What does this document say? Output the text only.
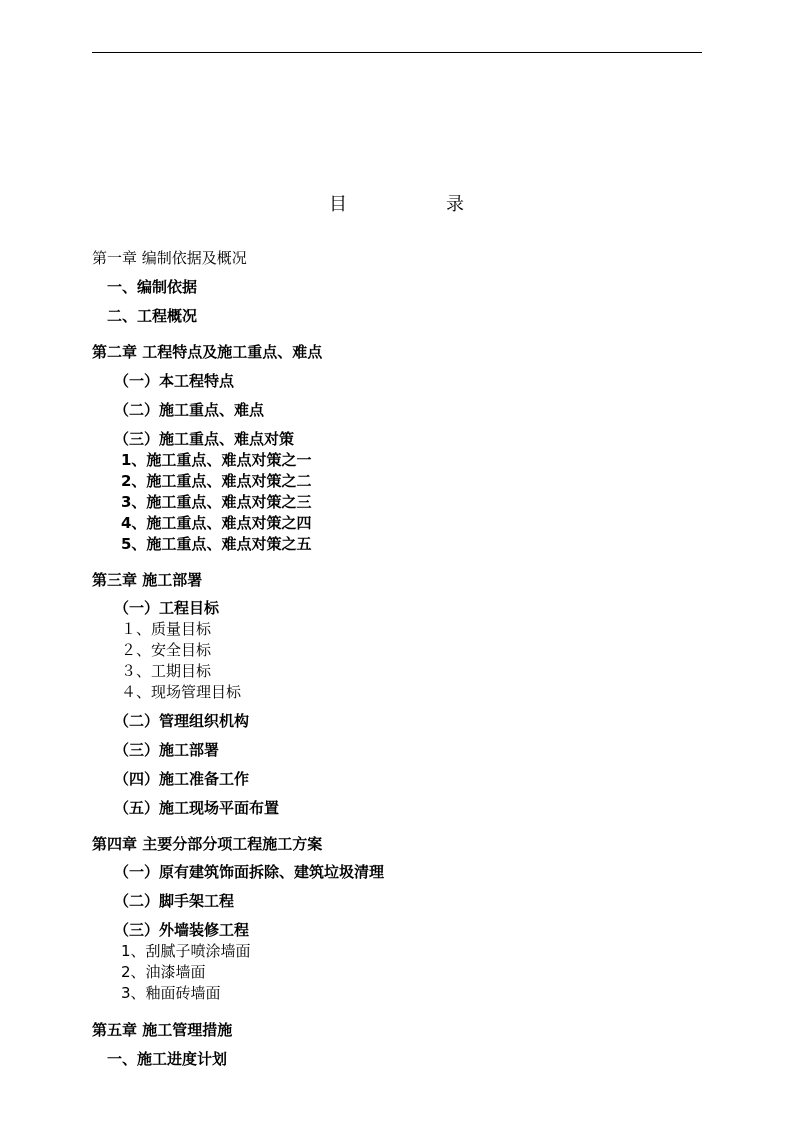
目	录
第一章 编制依据及概况
一、编制依据
二、工程概况
第二章 工程特点及施工重点、难点
（一）本工程特点
（二）施工重点、难点
（三）施工重点、难点对策
1、施工重点、难点对策之一
2、施工重点、难点对策之二
3、施工重点、难点对策之三
4、施工重点、难点对策之四
5、施工重点、难点对策之五
第三章 施工部署
（一）工程目标
１、质量目标
２、安全目标
３、工期目标
４、现场管理目标
（二）管理组织机构
（三）施工部署
（四）施工准备工作
（五）施工现场平面布置
第四章 主要分部分项工程施工方案
（一）原有建筑饰面拆除、建筑垃圾清理
（二）脚手架工程
（三）外墙装修工程
1、刮腻子喷涂墙面
2、油漆墙面
3、釉面砖墙面
第五章 施工管理措施
一、施工进度计划
